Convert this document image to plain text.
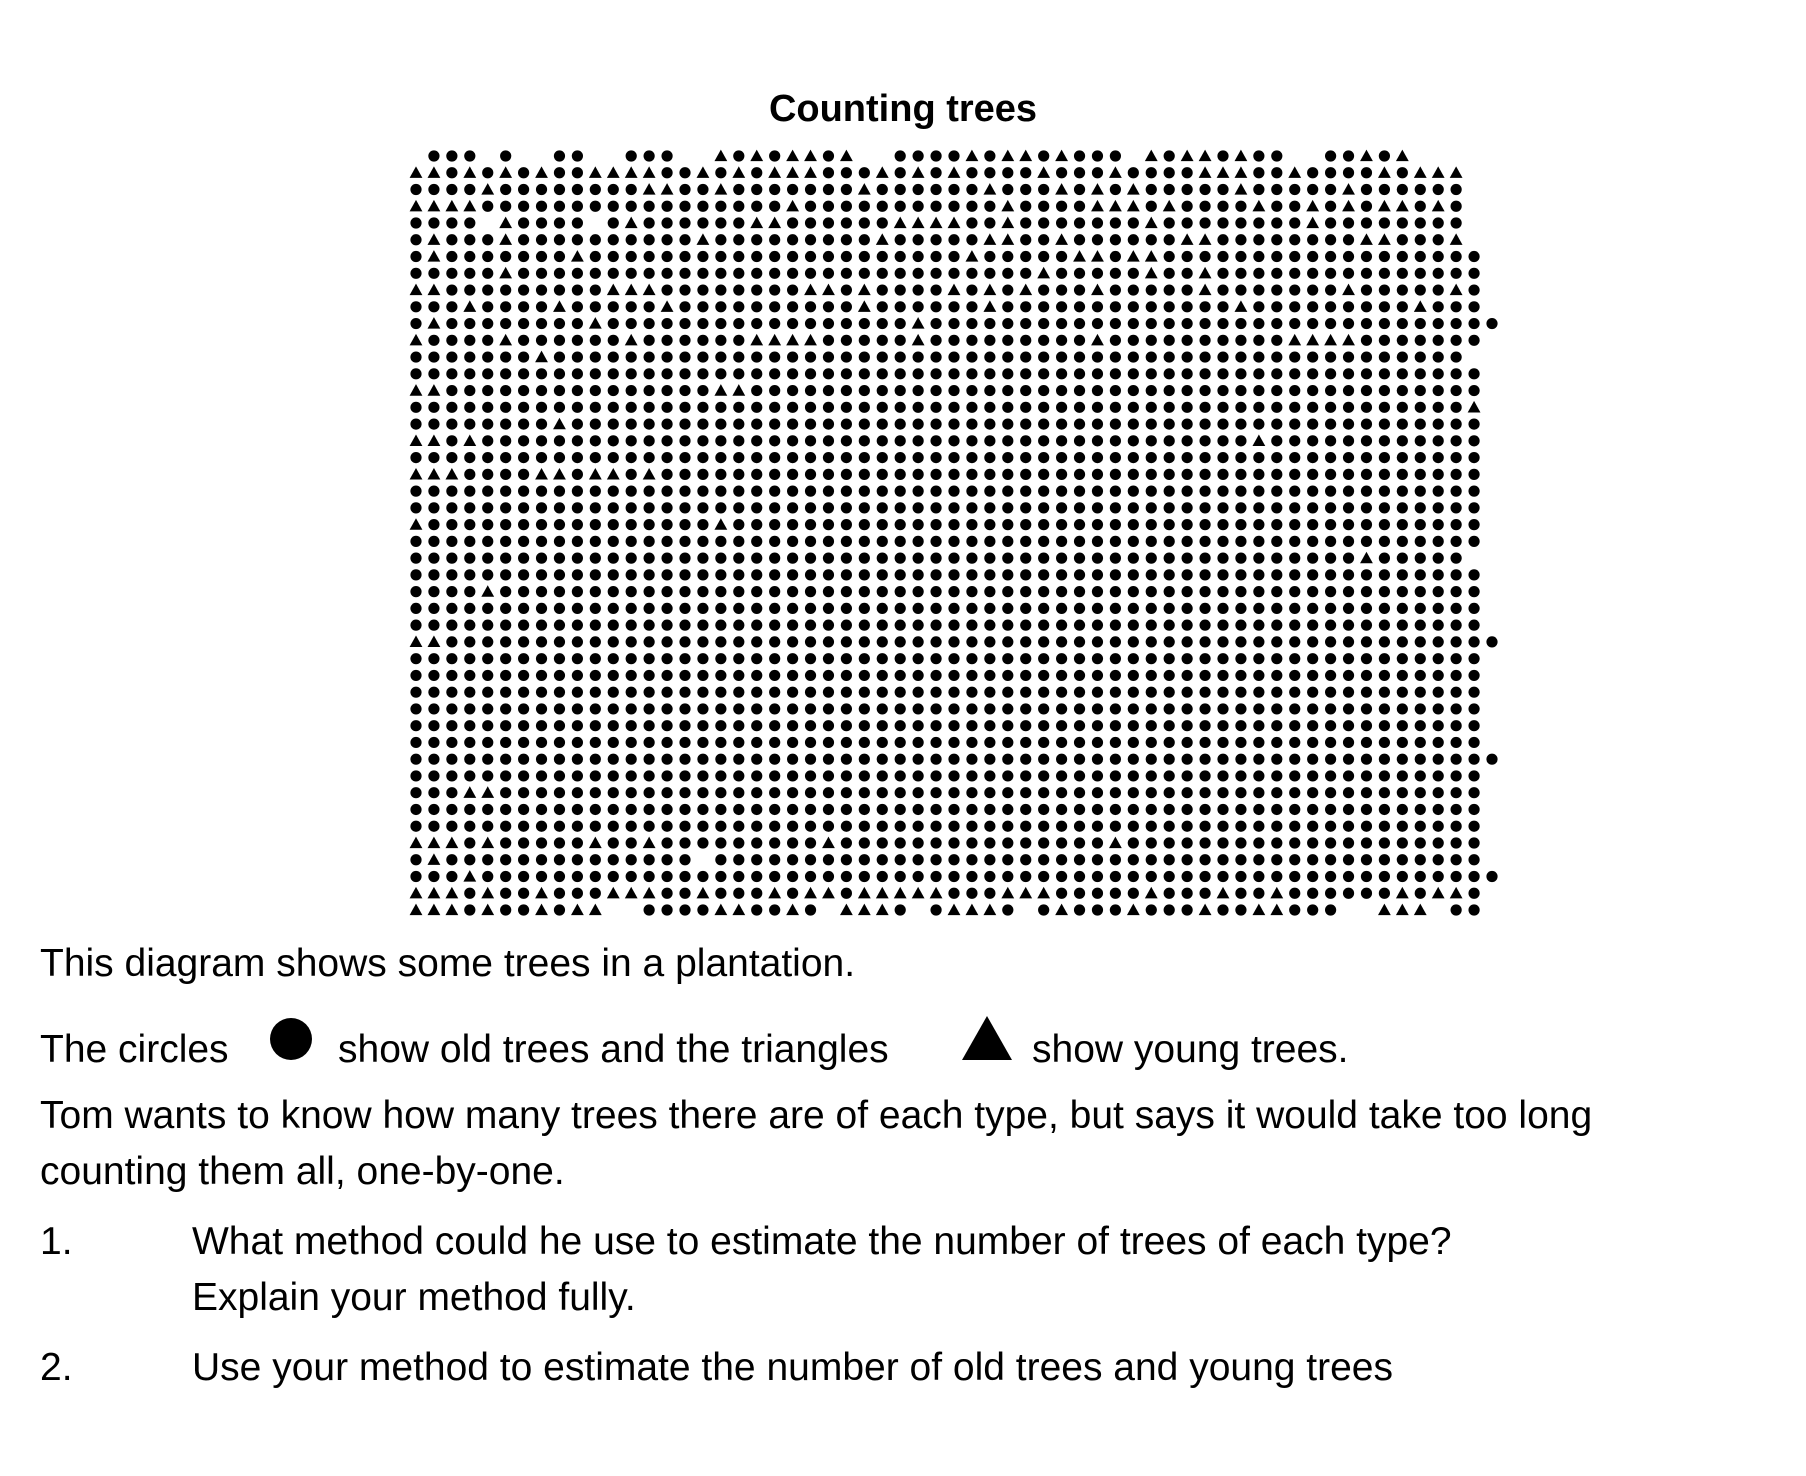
Counting trees
This diagram shows some trees in a plantation.
The circles	show old trees and the triangles	show young trees.
Tom wants to know how many trees there are of each type, but says it would take too long
counting them all, one-by-one.
1.	What method could he use to estimate the number of trees of each type?
Explain your method fully.
2.	Use your method to estimate the number of old trees and young trees
